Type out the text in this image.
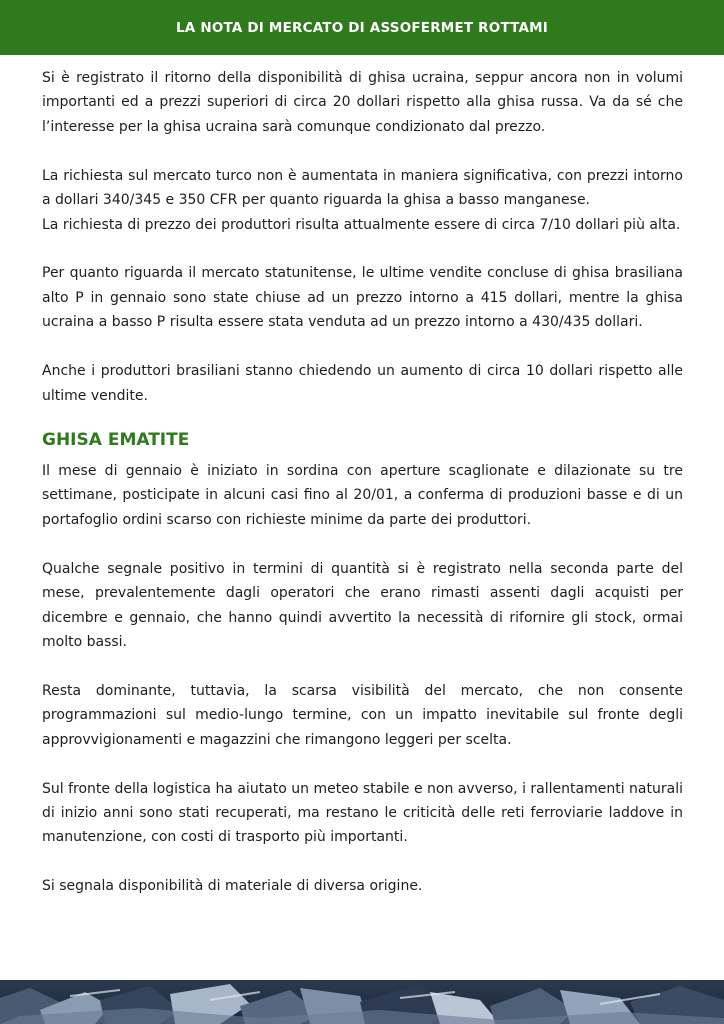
LA NOTA DI MERCATO DI ASSOFERMET ROTTAMI

Si è registrato il ritorno della disponibilità di ghisa ucraina, seppur ancora non in volumi importanti ed a prezzi superiori di circa 20 dollari rispetto alla ghisa russa. Va da sé che l’interesse per la ghisa ucraina sarà comunque condizionato dal prezzo.

La richiesta sul mercato turco non è aumentata in maniera significativa, con prezzi intorno a dollari 340/345 e 350 CFR per quanto riguarda la ghisa a basso manganese.

La richiesta di prezzo dei produttori risulta attualmente essere di circa 7/10 dollari più alta.

Per quanto riguarda il mercato statunitense, le ultime vendite concluse di ghisa brasiliana alto P in gennaio sono state chiuse ad un prezzo intorno a 415 dollari, mentre la ghisa ucraina a basso P risulta essere stata venduta ad un prezzo intorno a 430/435 dollari.

Anche i produttori brasiliani stanno chiedendo un aumento di circa 10 dollari rispetto alle ultime vendite.

GHISA EMATITE

Il mese di gennaio è iniziato in sordina con aperture scaglionate e dilazionate su tre settimane, posticipate in alcuni casi fino al 20/01, a conferma di produzioni basse e di un portafoglio ordini scarso con richieste minime da parte dei produttori.

Qualche segnale positivo in termini di quantità si è registrato nella seconda parte del mese, prevalentemente dagli operatori che erano rimasti assenti dagli acquisti per dicembre e gennaio, che hanno quindi avvertito la necessità di rifornire gli stock, ormai molto bassi.

Resta dominante, tuttavia, la scarsa visibilità del mercato, che non consente programmazioni sul medio-lungo termine, con un impatto inevitabile sul fronte degli approvvigionamenti e magazzini che rimangono leggeri per scelta.

Sul fronte della logistica ha aiutato un meteo stabile e non avverso, i rallentamenti naturali di inizio anni sono stati recuperati, ma restano le criticità delle reti ferroviarie laddove in manutenzione, con costi di trasporto più importanti.

Si segnala disponibilità di materiale di diversa origine.
